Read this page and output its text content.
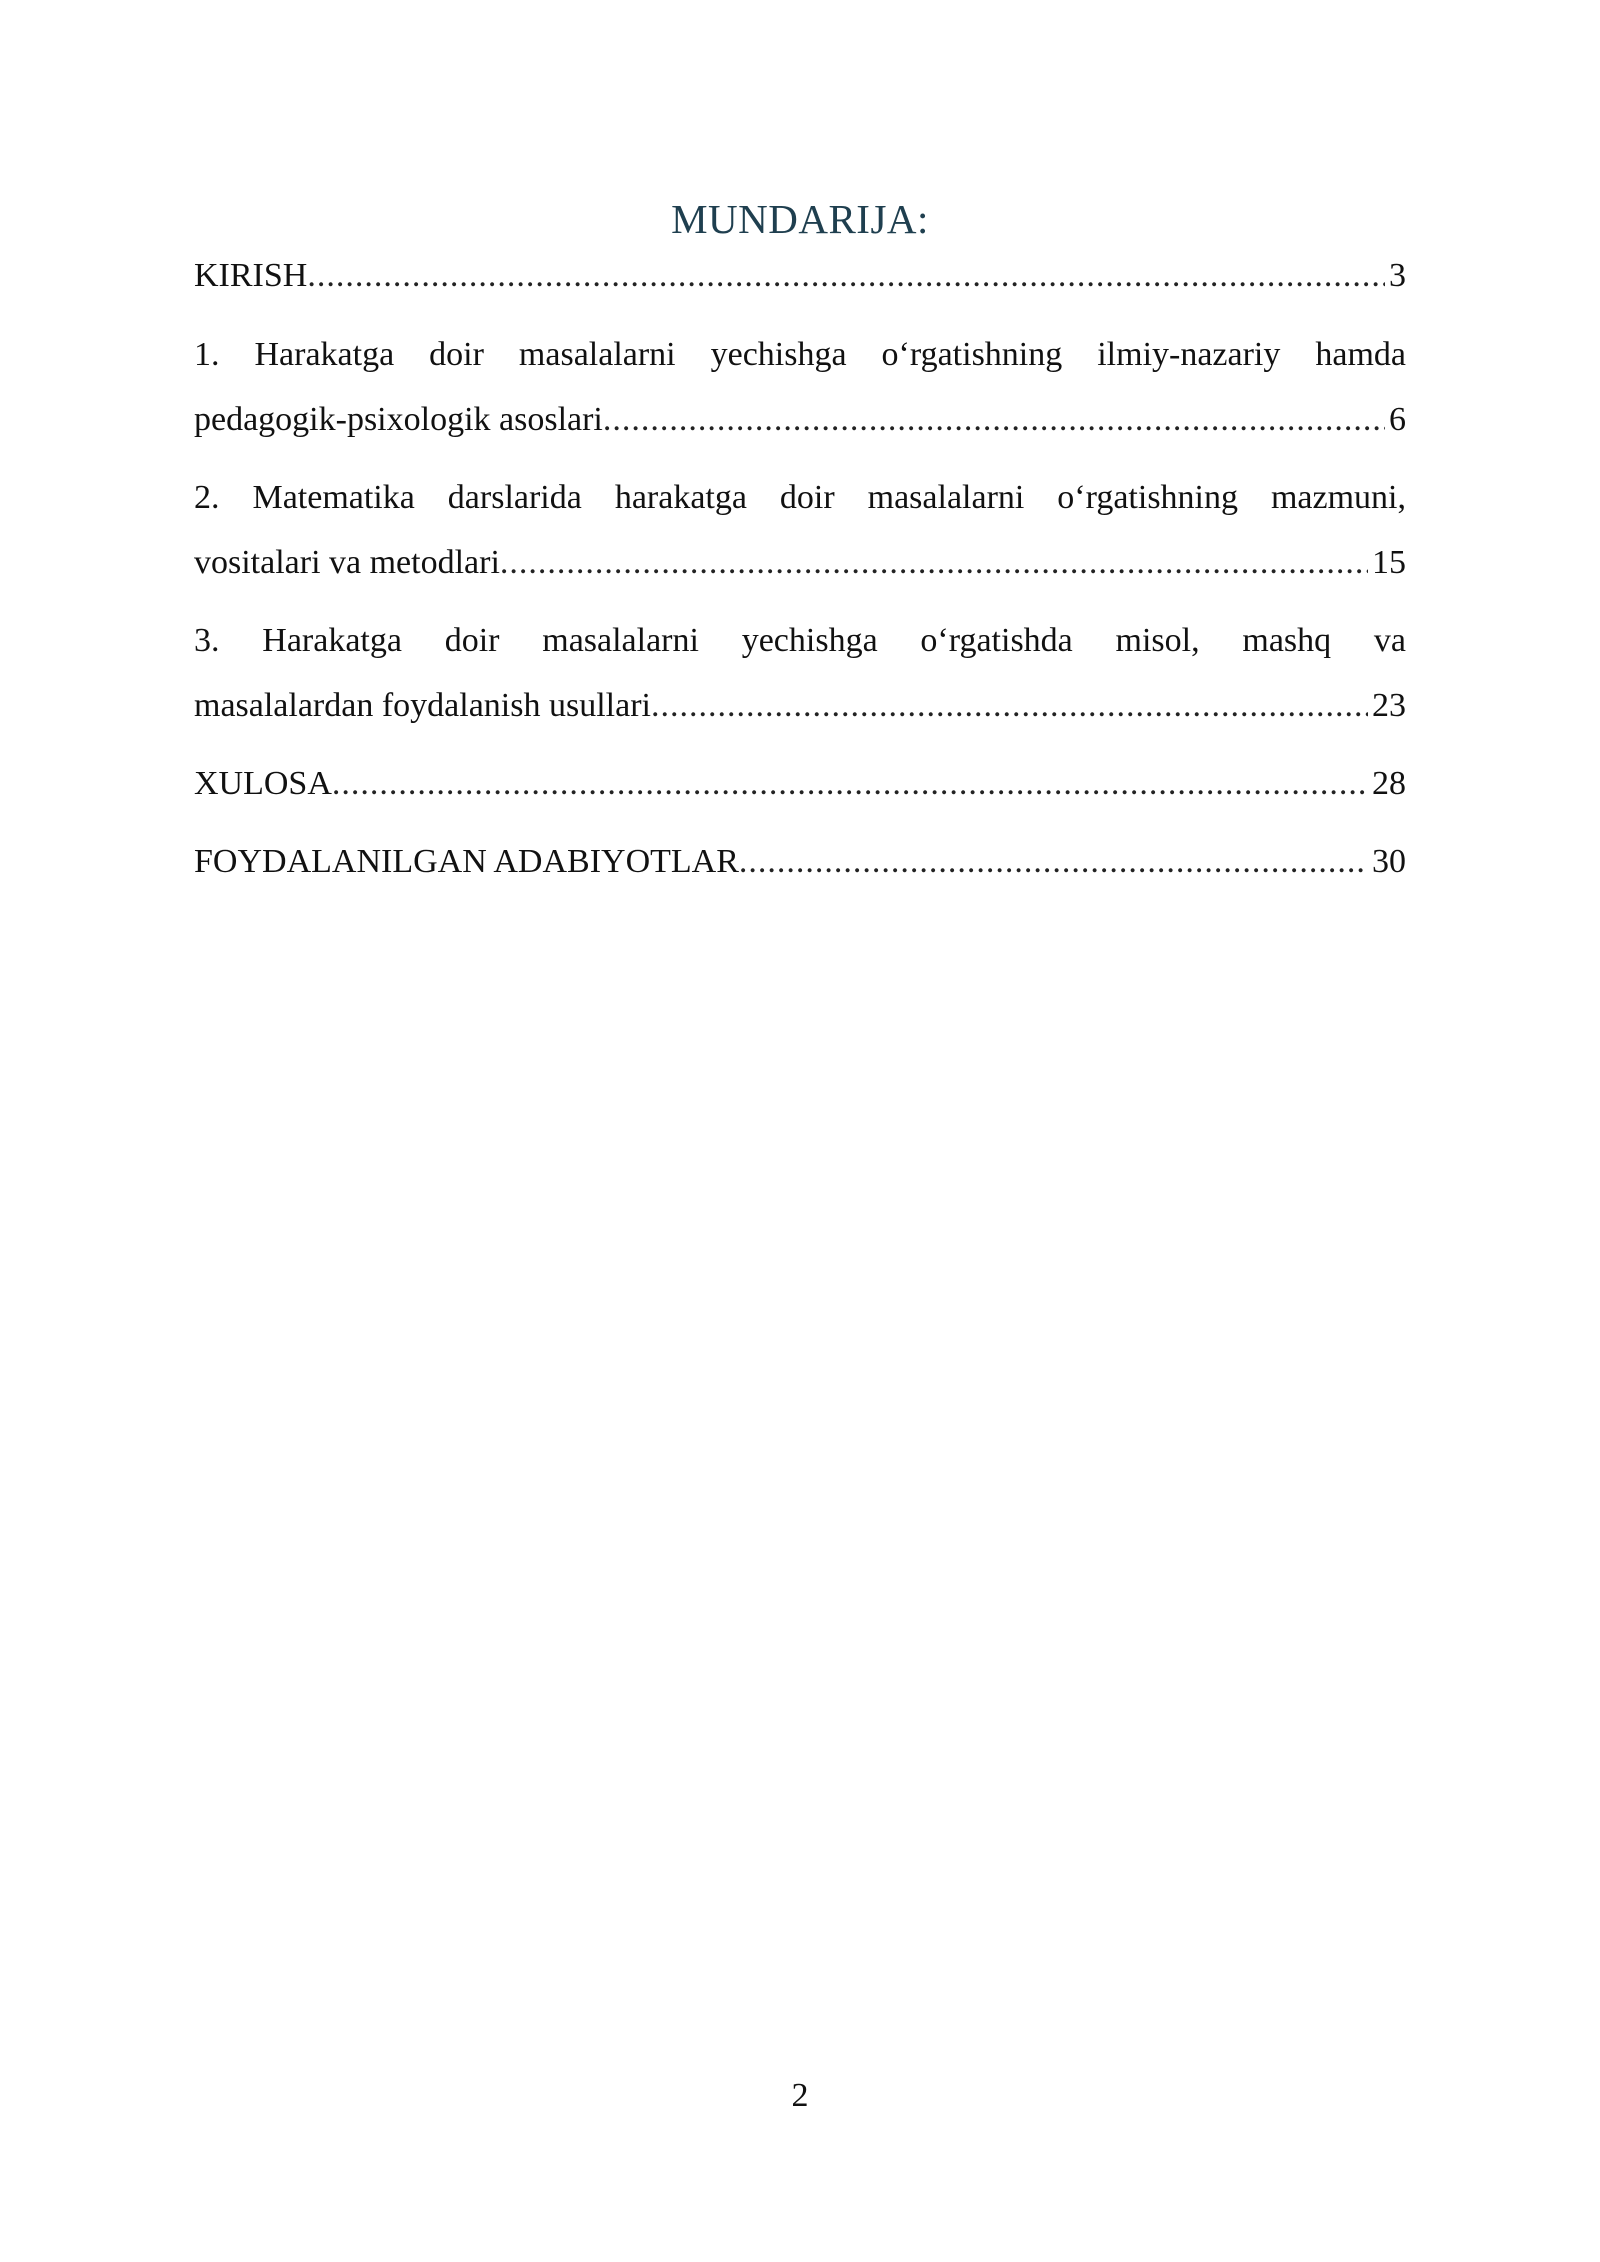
MUNDARIJA:
KIRISH .....	3
1. Harakatga doir masalalarni yechishga o‘rgatishning ilmiy-nazariy hamda
pedagogik-psixologik asoslari .....	6
2. Matematika darslarida harakatga doir masalalarni o‘rgatishning mazmuni,
vositalari va metodlari .....	15
3. Harakatga doir masalalarni yechishga o‘rgatishda misol, mashq va
masalalardan foydalanish usullari .....	23
XULOSA .....	28
FOYDALANILGAN ADABIYOTLAR .....	30
2
